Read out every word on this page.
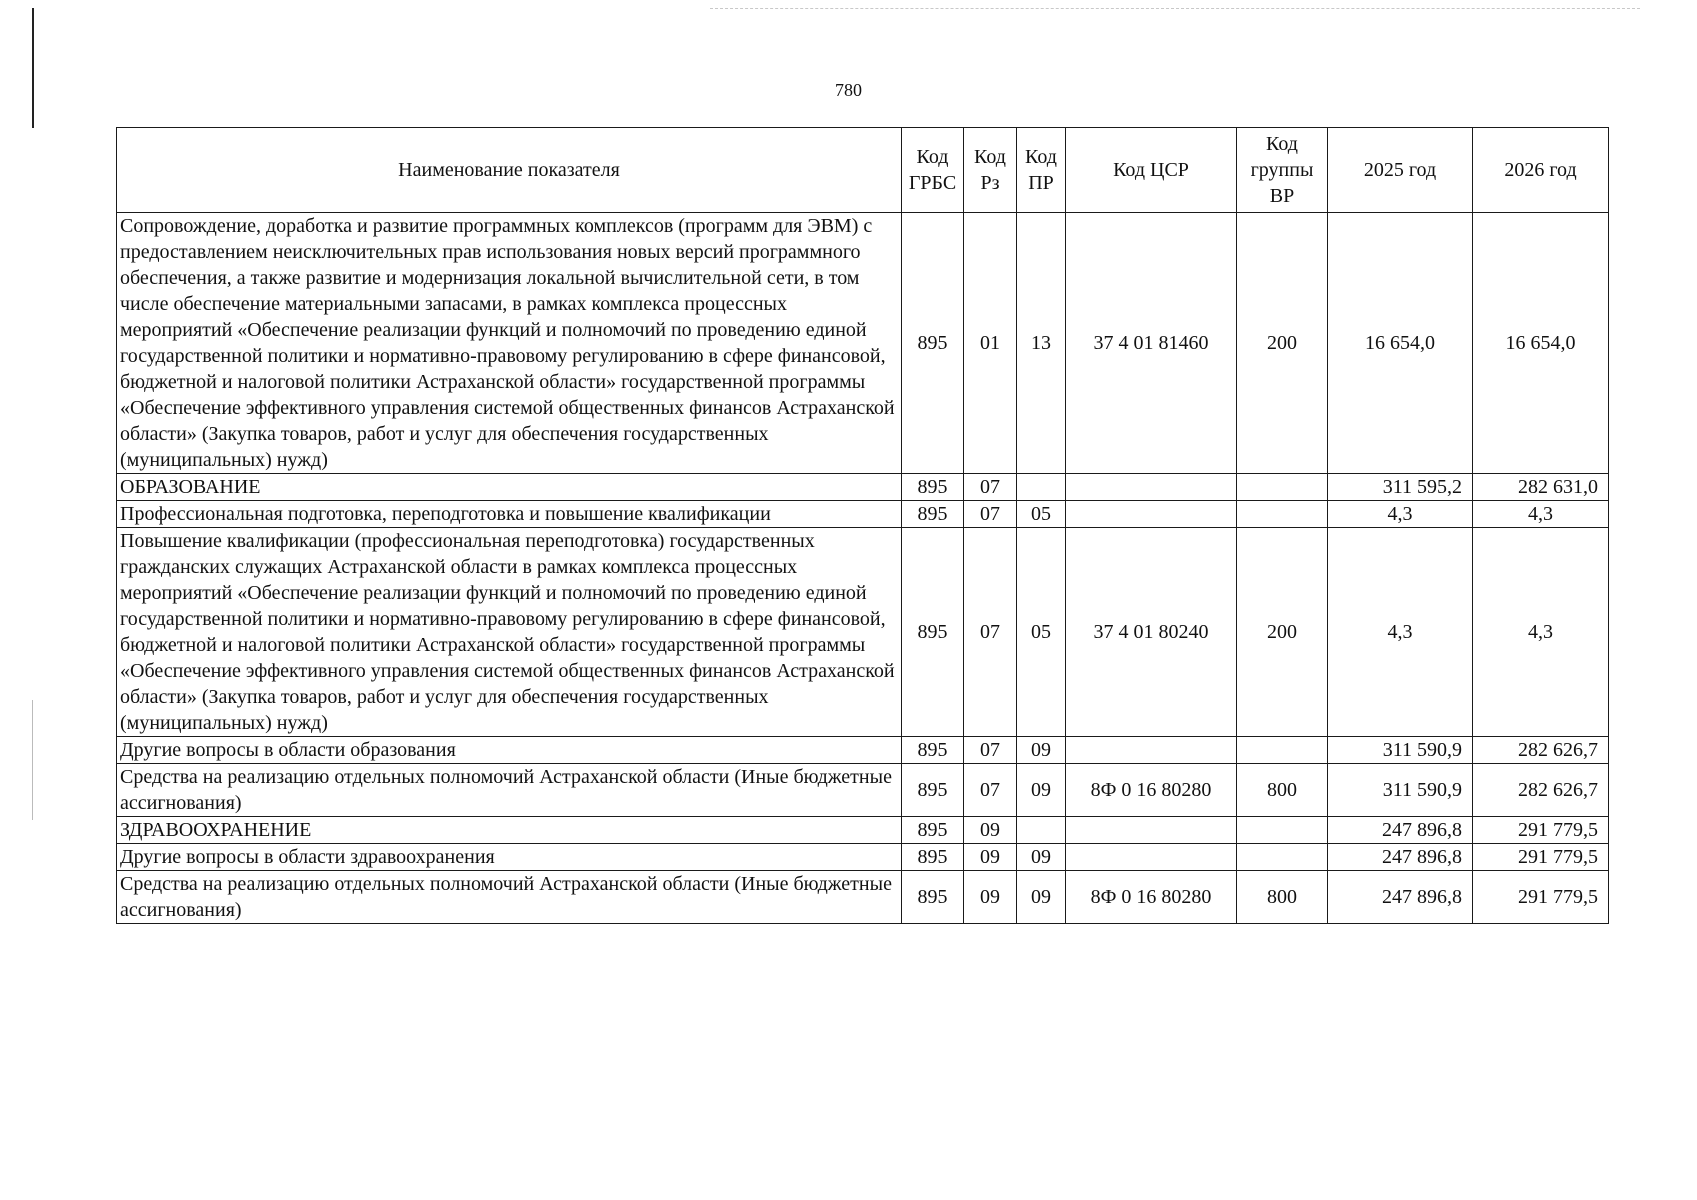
780
Наименование показателя	Код ГРБС	Код Рз	Код ПР	Код ЦСР	Код группы ВР	2025 год	2026 год
Сопровождение, доработка и развитие программных комплексов (программ для ЭВМ) с предоставлением неисключительных прав использования новых версий программного обеспечения, а также развитие и модернизация локальной вычислительной сети, в том числе обеспечение материальными запасами, в рамках комплекса процессных мероприятий «Обеспечение реализации функций и полномочий по проведению единой государственной политики и нормативно-правовому регулированию в сфере финансовой, бюджетной и налоговой политики Астраханской области» государственной программы «Обеспечение эффективного управления системой общественных финансов Астраханской области» (Закупка товаров, работ и услуг для обеспечения государственных (муниципальных) нужд)	895	01	13	37 4 01 81460	200	16 654,0	16 654,0
ОБРАЗОВАНИЕ	895	07				311 595,2	282 631,0
Профессиональная подготовка, переподготовка и повышение квалификации	895	07	05			4,3	4,3
Повышение квалификации (профессиональная переподготовка) государственных гражданских служащих Астраханской области в рамках комплекса процессных мероприятий «Обеспечение реализации функций и полномочий по проведению единой государственной политики и нормативно-правовому регулированию в сфере финансовой, бюджетной и налоговой политики Астраханской области» государственной программы «Обеспечение эффективного управления системой общественных финансов Астраханской области» (Закупка товаров, работ и услуг для обеспечения государственных (муниципальных) нужд)	895	07	05	37 4 01 80240	200	4,3	4,3
Другие вопросы в области образования	895	07	09			311 590,9	282 626,7
Средства на реализацию отдельных полномочий Астраханской области (Иные бюджетные ассигнования)	895	07	09	8Ф 0 16 80280	800	311 590,9	282 626,7
ЗДРАВООХРАНЕНИЕ	895	09				247 896,8	291 779,5
Другие вопросы в области здравоохранения	895	09	09			247 896,8	291 779,5
Средства на реализацию отдельных полномочий Астраханской области (Иные бюджетные ассигнования)	895	09	09	8Ф 0 16 80280	800	247 896,8	291 779,5
